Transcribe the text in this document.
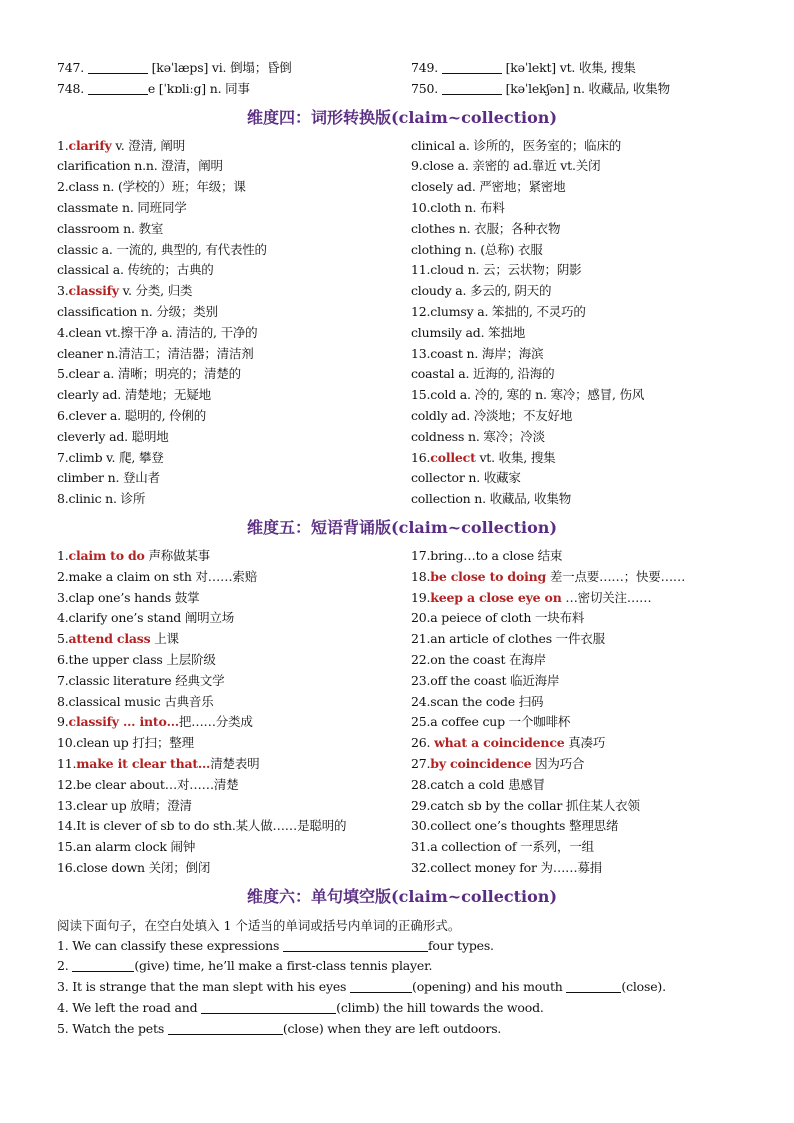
747.	[kəˈlæps] vi. 倒塌；昏倒
748.	e [ˈkɒliːg] n. 同事
749.	[kəˈlekt] vt. 收集, 搜集
750.	[kəˈlekʃən] n. 收藏品, 收集物
维度四：词形转换版(claim~collection)
1.clarify v. 澄清, 阐明
clarification n.n. 澄清，阐明
2.class n. (学校的）班；年级；课
classmate n. 同班同学
classroom n. 教室
classic a. 一流的, 典型的, 有代表性的
classical a. 传统的；古典的
3.classify v. 分类, 归类
classification n. 分级；类别
4.clean vt.擦干净 a. 清洁的, 干净的
cleaner n.清洁工；清洁器；清洁剂
5.clear a. 清晰；明亮的；清楚的
clearly ad. 清楚地；无疑地
6.clever a. 聪明的, 伶俐的
cleverly ad. 聪明地
7.climb v. 爬, 攀登
climber n. 登山者
8.clinic n. 诊所
clinical a. 诊所的，医务室的；临床的
9.close a. 亲密的 ad.靠近 vt.关闭
closely ad. 严密地；紧密地
10.cloth n. 布料
clothes n. 衣服；各种衣物
clothing n. (总称) 衣服
11.cloud n. 云；云状物；阴影
cloudy a. 多云的, 阴天的
12.clumsy a. 笨拙的, 不灵巧的
clumsily ad. 笨拙地
13.coast n. 海岸；海滨
coastal a. 近海的, 沿海的
15.cold a. 冷的, 寒的 n. 寒冷；感冒, 伤风
coldly ad. 冷淡地；不友好地
coldness n. 寒冷；冷淡
16.collect vt. 收集, 搜集
collector n. 收藏家
collection n. 收藏品, 收集物
维度五：短语背诵版(claim~collection)
1.claim to do 声称做某事
2.make a claim on sth 对……索赔
3.clap one’s hands 鼓掌
4.clarify one’s stand 阐明立场
5.attend class 上课
6.the upper class 上层阶级
7.classic literature 经典文学
8.classical music 古典音乐
9.classify … into…把……分类成
10.clean up 打扫；整理
11.make it clear that…清楚表明
12.be clear about…对……清楚
13.clear up 放晴；澄清
14.It is clever of sb to do sth.某人做……是聪明的
15.an alarm clock 闹钟
16.close down 关闭；倒闭
17.bring…to a close 结束
18.be close to doing 差一点要……；快要……
19.keep a close eye on …密切关注……
20.a peiece of cloth 一块布料
21.an article of clothes 一件衣服
22.on the coast 在海岸
23.off the coast 临近海岸
24.scan the code 扫码
25.a coffee cup 一个咖啡杯
26. what a coincidence 真凑巧
27.by coincidence 因为巧合
28.catch a cold 患感冒
29.catch sb by the collar 抓住某人衣领
30.collect one’s thoughts 整理思绪
31.a collection of 一系列，一组
32.collect money for 为……募捐
维度六：单句填空版(claim~collection)
阅读下面句子，在空白处填入 1 个适当的单词或括号内单词的正确形式。
1. We can classify these expressions	four types.
2.	(give) time, he’ll make a first-class tennis player.
3. It is strange that the man slept with his eyes	(opening) and his mouth	(close).
4. We left the road and	(climb) the hill towards the wood.
5. Watch the pets	(close) when they are left outdoors.
